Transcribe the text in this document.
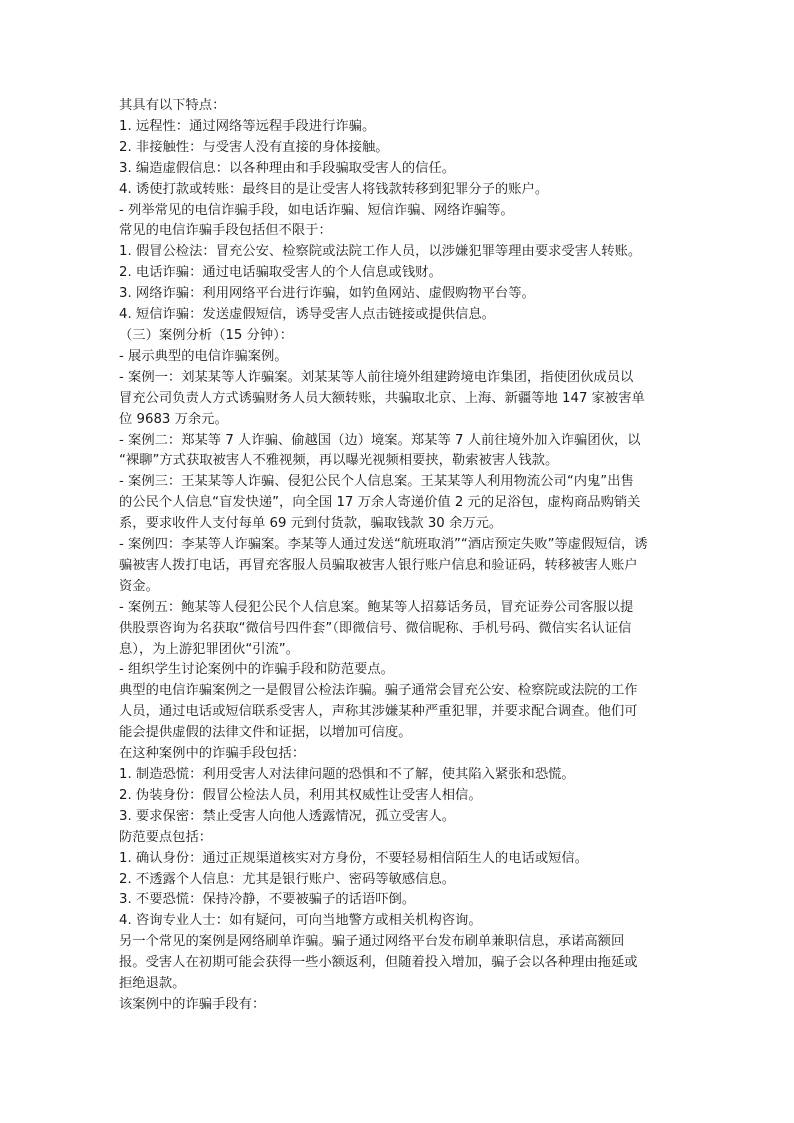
其具有以下特点：
1. 远程性：通过网络等远程手段进行诈骗。
2. 非接触性：与受害人没有直接的身体接触。
3. 编造虚假信息：以各种理由和手段骗取受害人的信任。
4. 诱使打款或转账：最终目的是让受害人将钱款转移到犯罪分子的账户。
- 列举常见的电信诈骗手段，如电话诈骗、短信诈骗、网络诈骗等。
常见的电信诈骗手段包括但不限于：
1. 假冒公检法：冒充公安、检察院或法院工作人员，以涉嫌犯罪等理由要求受害人转账。
2. 电话诈骗：通过电话骗取受害人的个人信息或钱财。
3. 网络诈骗：利用网络平台进行诈骗，如钓鱼网站、虚假购物平台等。
4. 短信诈骗：发送虚假短信，诱导受害人点击链接或提供信息。
（三）案例分析（15 分钟）：
- 展示典型的电信诈骗案例。
- 案例一：刘某某等人诈骗案。刘某某等人前往境外组建跨境电诈集团，指使团伙成员以
冒充公司负责人方式诱骗财务人员大额转账，共骗取北京、上海、新疆等地 147 家被害单
位 9683 万余元。
- 案例二：郑某等 7 人诈骗、偷越国（边）境案。郑某等 7 人前往境外加入诈骗团伙，以
“裸聊”方式获取被害人不雅视频，再以曝光视频相要挟，勒索被害人钱款。
- 案例三：王某某等人诈骗、侵犯公民个人信息案。王某某等人利用物流公司“内鬼”出售
的公民个人信息“盲发快递”，向全国 17 万余人寄递价值 2 元的足浴包，虚构商品购销关
系，要求收件人支付每单 69 元到付货款，骗取钱款 30 余万元。
- 案例四：李某等人诈骗案。李某等人通过发送“航班取消”“酒店预定失败”等虚假短信，诱
骗被害人拨打电话，再冒充客服人员骗取被害人银行账户信息和验证码，转移被害人账户
资金。
- 案例五：鲍某等人侵犯公民个人信息案。鲍某等人招募话务员，冒充证券公司客服以提
供股票咨询为名获取“微信号四件套”（即微信号、微信昵称、手机号码、微信实名认证信
息），为上游犯罪团伙“引流”。
- 组织学生讨论案例中的诈骗手段和防范要点。
典型的电信诈骗案例之一是假冒公检法诈骗。骗子通常会冒充公安、检察院或法院的工作
人员，通过电话或短信联系受害人，声称其涉嫌某种严重犯罪，并要求配合调查。他们可
能会提供虚假的法律文件和证据，以增加可信度。
在这种案例中的诈骗手段包括：
1. 制造恐慌：利用受害人对法律问题的恐惧和不了解，使其陷入紧张和恐慌。
2. 伪装身份：假冒公检法人员，利用其权威性让受害人相信。
3. 要求保密：禁止受害人向他人透露情况，孤立受害人。
防范要点包括：
1. 确认身份：通过正规渠道核实对方身份，不要轻易相信陌生人的电话或短信。
2. 不透露个人信息：尤其是银行账户、密码等敏感信息。
3. 不要恐慌：保持冷静，不要被骗子的话语吓倒。
4. 咨询专业人士：如有疑问，可向当地警方或相关机构咨询。
另一个常见的案例是网络刷单诈骗。骗子通过网络平台发布刷单兼职信息，承诺高额回
报。受害人在初期可能会获得一些小额返利，但随着投入增加，骗子会以各种理由拖延或
拒绝退款。
该案例中的诈骗手段有：
